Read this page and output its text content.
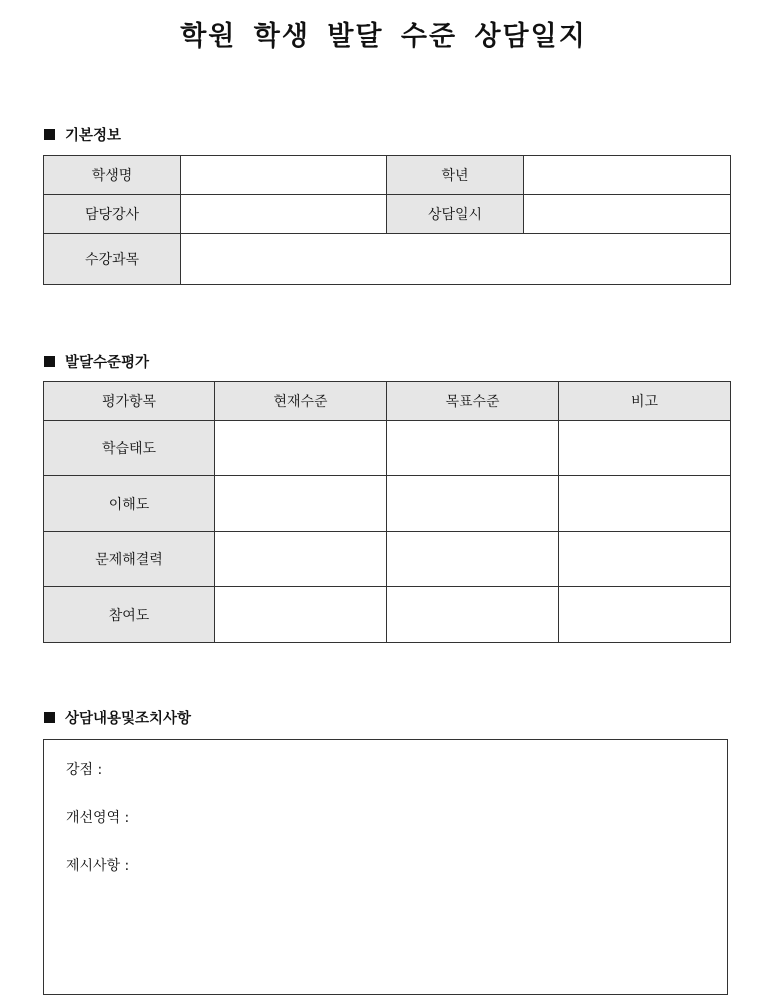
학원 학생 발달 수준 상담일지
기본정보
학생명		학년	
담당강사		상담일시	
수강과목			
발달수준평가
평가항목	현재수준	목표수준	비고
학습태도			
이해도			
문제해결력			
참여도			
상담내용및조치사항
강점 :
개선영역 :
제시사항 :
